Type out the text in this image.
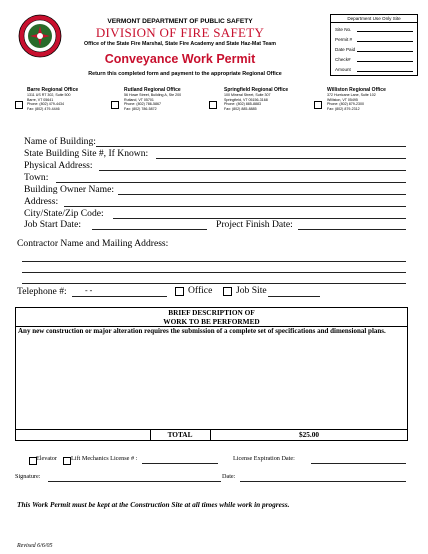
VERMONT DEPARTMENT OF PUBLIC SAFETY
DIVISION OF FIRE SAFETY
Office of the State Fire Marshal, State Fire Academy and State Haz-Mat Team
Conveyance Work Permit
Return this completed form and payment to the appropriate Regional Office
Department Use Only Site
Site No.
Permit #
Date Paid
Check#
Amount
Barre Regional Office
1311 US RT 302, Suite 500
Barre, VT 05641
Phone: (802) 479-4434
Fax: (802) 479-4446
Rutland Regional Office
56 Howe Street, Building A, Ste 200
Rutland, VT 05701
Phone: (802) 786-5867
Fax: (802) 786-5872
Springfield Regional Office
100 Mineral Street, Suite 307
Springfield, VT 05156-3168
Phone: (802) 885-8883
Fax: (802) 885-8885
Williston Regional Office
372 Hurricane Lane, Suite 102
Williston, VT 05495
Phone: (802) 879-2300
Fax: (802) 879-2312
Name of Building:
State Building Site #, If Known:
Physical Address:
Town:
Building Owner Name:
Address:
City/State/Zip Code:
Job Start Date:	Project Finish Date:
Contractor Name and Mailing Address:
Telephone #: - -	Office Job Site
BRIEF DESCRIPTION OF
WORK TO BE PERFORMED
Any new construction or major alteration requires the submission of a complete set of specifications and dimensional plans.
TOTAL	$25.00
Elevator Lift Mechanics License # :	License Expiration Date:
Signature:	Date:
This Work Permit must be kept at the Construction Site at all times while work in progress.
Revised 6/6/05
